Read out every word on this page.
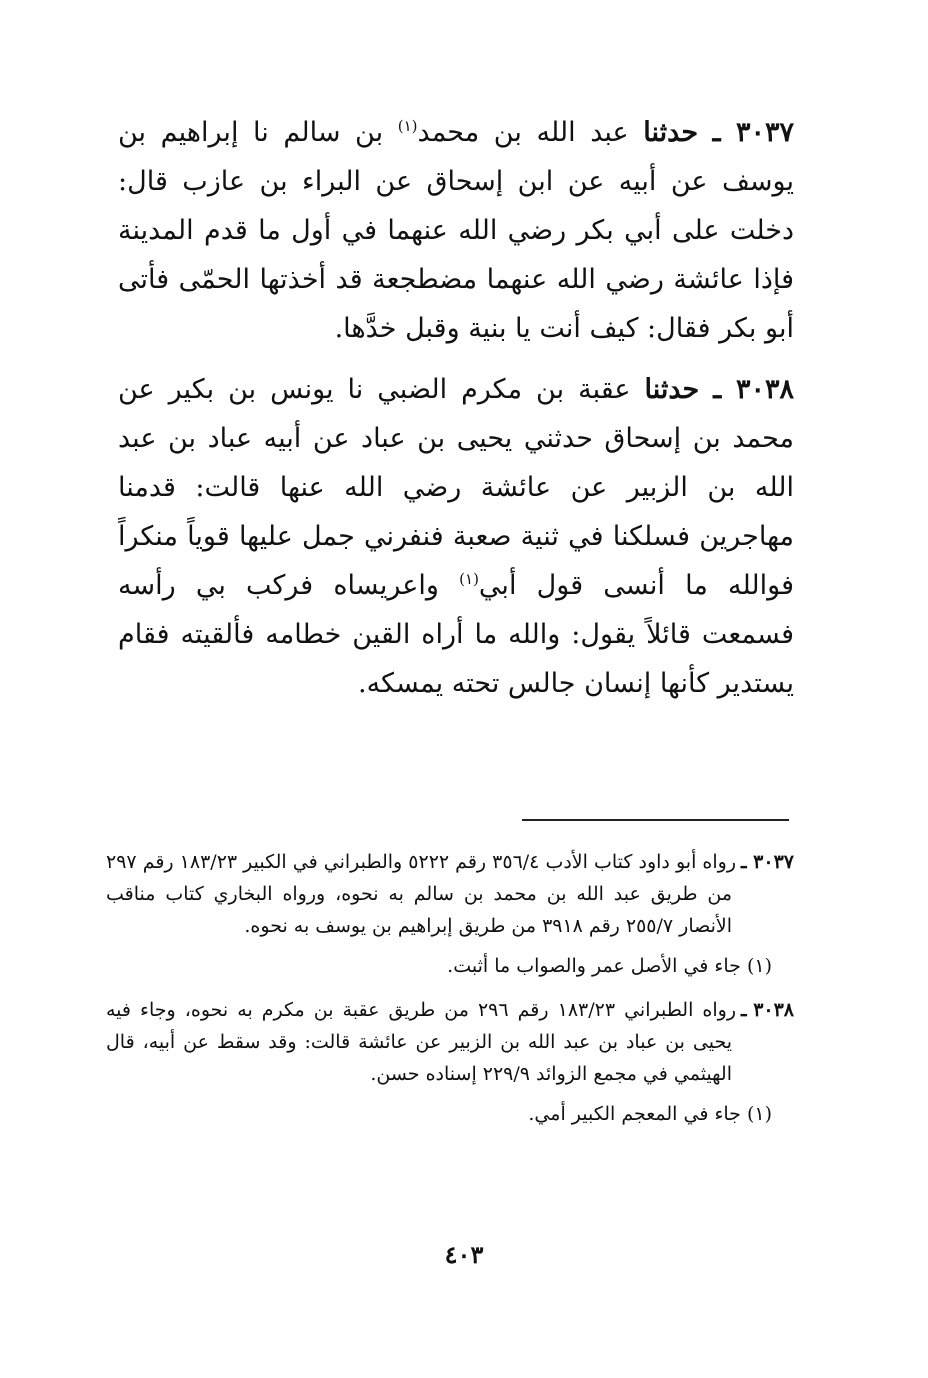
٣٠٣٧ ـ حدثنا عبد الله بن محمد$^{(١)}$ بن سالم نا إبراهيم بن يوسف عن أبيه عن ابن إسحاق عن البراء بن عازب قال: دخلت على أبي بكر رضي الله عنهما في أول ما قدم المدينة فإذا عائشة رضي الله عنهما مضطجعة قد أخذتها الحمّى فأتى أبو بكر فقال: كيف أنت يا بنية وقبل خدَّها.

٣٠٣٨ ـ حدثنا عقبة بن مكرم الضبي نا يونس بن بكير عن محمد بن إسحاق حدثني يحيى بن عباد عن أبيه عباد بن عبد الله بن الزبير عن عائشة رضي الله عنها قالت: قدمنا مهاجرين فسلكنا في ثنية صعبة فنفرني جمل عليها قوياً منكراً فوالله ما أنسى قول أبي$^{(١)}$ واعريساه فركب بي رأسه فسمعت قائلاً يقول: والله ما أراه القين خطامه فألقيته فقام يستدير كأنها إنسان جالس تحته يمسكه.

٣٠٣٧ ـرواه أبو داود كتاب الأدب ٣٥٦/٤ رقم ٥٢٢٢ والطبراني في الكبير ١٨٣/٢٣ رقم ٢٩٧ من طريق عبد الله بن محمد بن سالم به نحوه، ورواه البخاري كتاب مناقب الأنصار ٢٥٥/٧ رقم ٣٩١٨ من طريق إبراهيم بن يوسف به نحوه.

(١) جاء في الأصل عمر والصواب ما أثبت.

٣٠٣٨ ـرواه الطبراني ١٨٣/٢٣ رقم ٢٩٦ من طريق عقبة بن مكرم به نحوه، وجاء فيه يحيى بن عباد بن عبد الله بن الزبير عن عائشة قالت: وقد سقط عن أبيه، قال الهيثمي في مجمع الزوائد ٢٢٩/٩ إسناده حسن.

(١) جاء في المعجم الكبير أمي.

٤٠٣
